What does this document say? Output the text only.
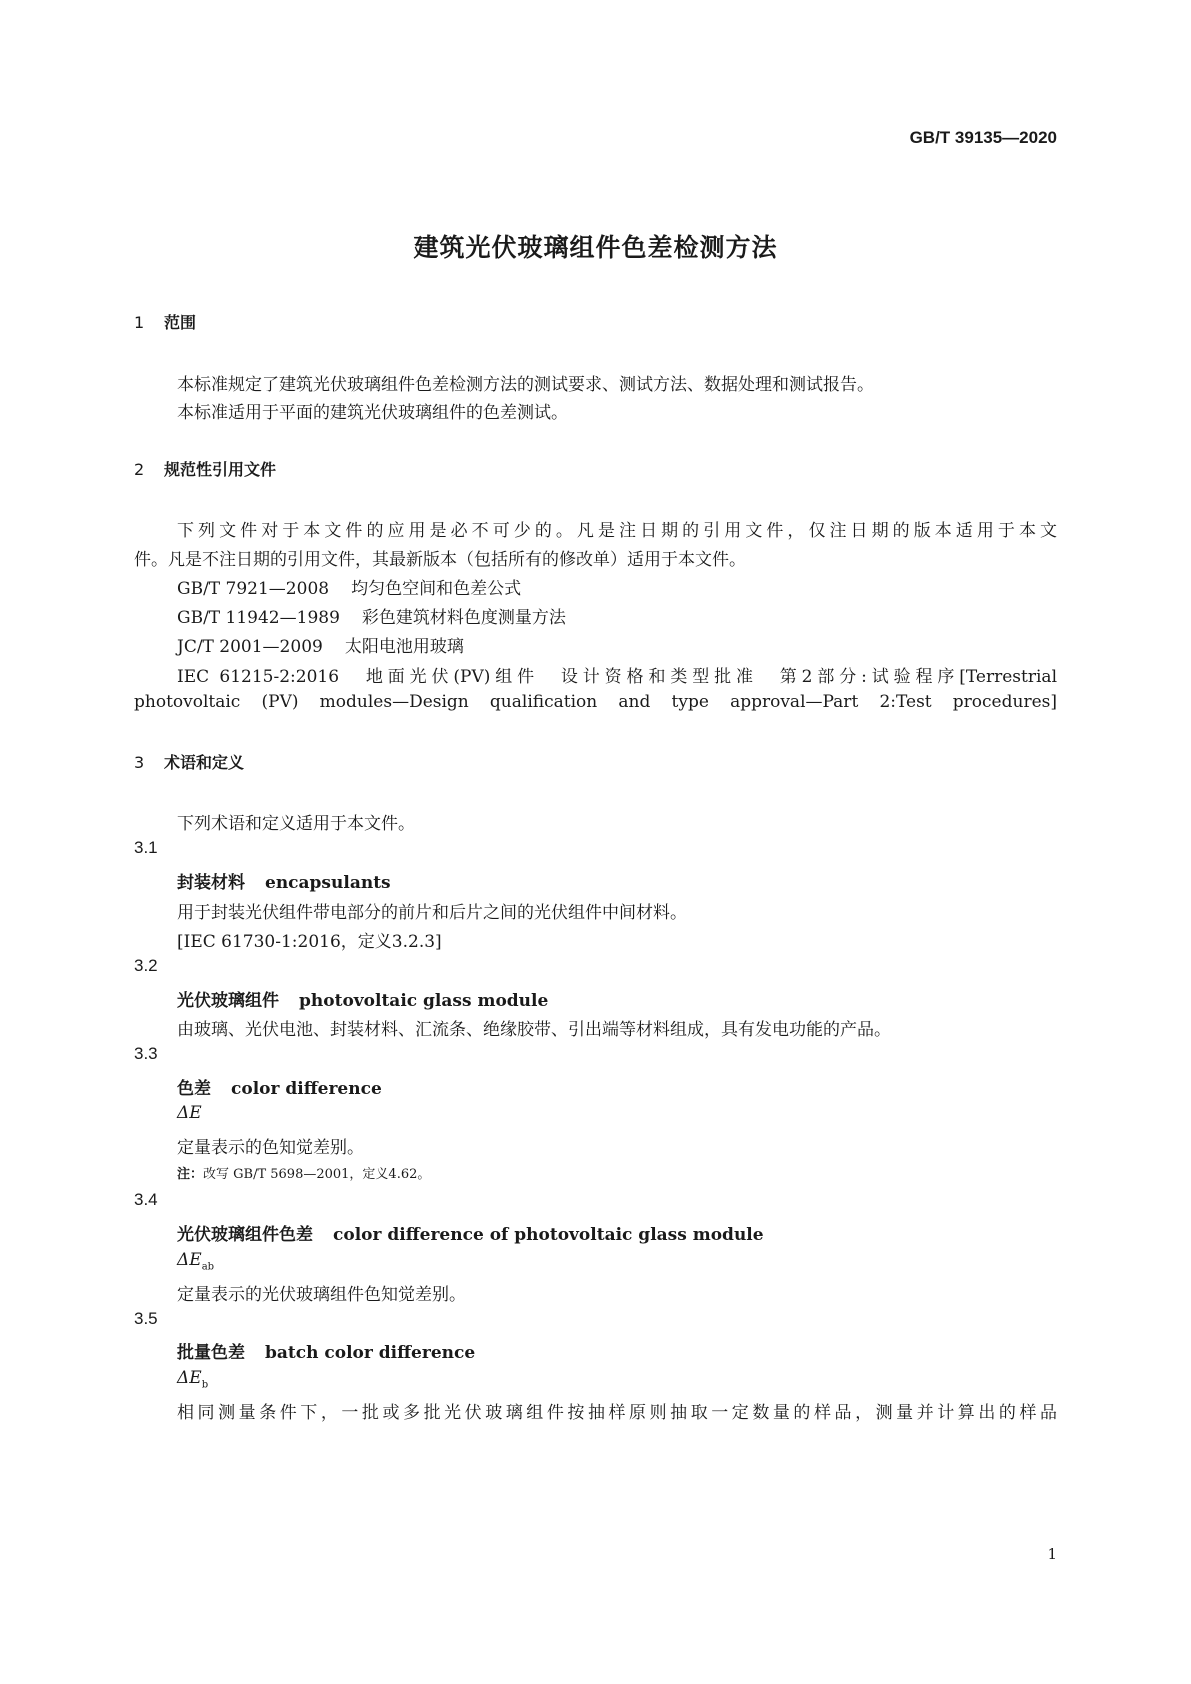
GB/T 39135—2020
建筑光伏玻璃组件色差检测方法
1 范围
本标准规定了建筑光伏玻璃组件色差检测方法的测试要求、测试方法、数据处理和测试报告。
本标准适用于平面的建筑光伏玻璃组件的色差测试。
2 规范性引用文件
下列文件对于本文件的应用是必不可少的。凡是注日期的引用文件，仅注日期的版本适用于本文
件。凡是不注日期的引用文件，其最新版本（包括所有的修改单）适用于本文件。
GB/T 7921—2008 均匀色空间和色差公式
GB/T 11942—1989 彩色建筑材料色度测量方法
JC/T 2001—2009 太阳电池用玻璃
IEC 61215-2:2016　地面光伏(PV)组件　设计资格和类型批准　第2部分:试验程序[Terrestrial
photovoltaic (PV) modules—Design qualification and type approval—Part 2:Test procedures]
3 术语和定义
下列术语和定义适用于本文件。
3.1
封装材料 encapsulants
用于封装光伏组件带电部分的前片和后片之间的光伏组件中间材料。
[IEC 61730-1:2016，定义3.2.3]
3.2
光伏玻璃组件 photovoltaic glass module
由玻璃、光伏电池、封装材料、汇流条、绝缘胶带、引出端等材料组成，具有发电功能的产品。
3.3
色差 color difference
ΔE
定量表示的色知觉差别。
注：改写 GB/T 5698—2001，定义4.62。
3.4
光伏玻璃组件色差 color difference of photovoltaic glass module
$\Delta E_{ab}$
定量表示的光伏玻璃组件色知觉差别。
3.5
批量色差 batch color difference
$\Delta E_b$
相同测量条件下，一批或多批光伏玻璃组件按抽样原则抽取一定数量的样品，测量并计算出的样品
1
